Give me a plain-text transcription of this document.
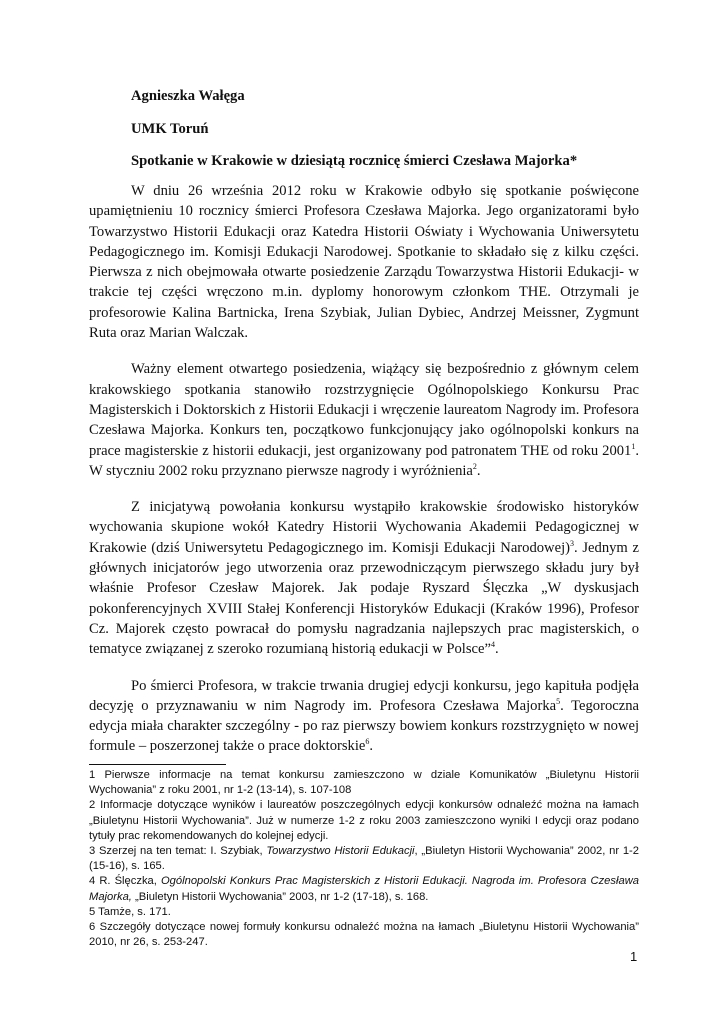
Agnieszka Wałęga
UMK Toruń
Spotkanie w Krakowie w dziesiątą rocznicę śmierci Czesława Majorka*

W dniu 26 września 2012 roku w Krakowie odbyło się spotkanie poświęcone upamiętnieniu 10 rocznicy śmierci Profesora Czesława Majorka. Jego organizatorami było Towarzystwo Historii Edukacji oraz Katedra Historii Oświaty i Wychowania Uniwersytetu Pedagogicznego im. Komisji Edukacji Narodowej. Spotkanie to składało się z kilku części. Pierwsza z nich obejmowała otwarte posiedzenie Zarządu Towarzystwa Historii Edukacji- w trakcie tej części wręczono m.in. dyplomy honorowym członkom THE. Otrzymali je profesorowie Kalina Bartnicka, Irena Szybiak, Julian Dybiec, Andrzej Meissner, Zygmunt Ruta oraz Marian Walczak.

Ważny element otwartego posiedzenia, wiążący się bezpośrednio z głównym celem krakowskiego spotkania stanowiło rozstrzygnięcie Ogólnopolskiego Konkursu Prac Magisterskich i Doktorskich z Historii Edukacji i wręczenie laureatom Nagrody im. Profesora Czesława Majorka. Konkurs ten, początkowo funkcjonujący jako ogólnopolski konkurs na prace magisterskie z historii edukacji, jest organizowany pod patronatem THE od roku 2001$^1$. W styczniu 2002 roku przyznano pierwsze nagrody i wyróżnienia$^2$.

Z inicjatywą powołania konkursu wystąpiło krakowskie środowisko historyków wychowania skupione wokół Katedry Historii Wychowania Akademii Pedagogicznej w Krakowie (dziś Uniwersytetu Pedagogicznego im. Komisji Edukacji Narodowej)$^3$. Jednym z głównych inicjatorów jego utworzenia oraz przewodniczącym pierwszego składu jury był właśnie Profesor Czesław Majorek. Jak podaje Ryszard Ślęczka „W dyskusjach pokonferencyjnych XVIII Stałej Konferencji Historyków Edukacji (Kraków 1996), Profesor Cz. Majorek często powracał do pomysłu nagradzania najlepszych prac magisterskich, o tematyce związanej z szeroko rozumianą historią edukacji w Polsce”$^4$.

Po śmierci Profesora, w trakcie trwania drugiej edycji konkursu, jego kapituła podjęła decyzję o przyznawaniu w nim Nagrody im. Profesora Czesława Majorka$^5$. Tegoroczna edycja miała charakter szczególny - po raz pierwszy bowiem konkurs rozstrzygnięto w nowej formule – poszerzonej także o prace doktorskie$^6$.

1 Pierwsze informacje na temat konkursu zamieszczono w dziale Komunikatów „Biuletynu Historii Wychowania” z roku 2001, nr 1-2 (13-14), s. 107-108

2 Informacje dotyczące wyników i laureatów poszczególnych edycji konkursów odnaleźć można na łamach „Biuletynu Historii Wychowania”. Już w numerze 1-2 z roku 2003 zamieszczono wyniki I edycji oraz podano tytuły prac rekomendowanych do kolejnej edycji.

3 Szerzej na ten temat: I. Szybiak, Towarzystwo Historii Edukacji, „Biuletyn Historii Wychowania” 2002, nr 1-2 (15-16), s. 165.

4 R. Ślęczka, Ogólnopolski Konkurs Prac Magisterskich z Historii Edukacji. Nagroda im. Profesora Czesława Majorka, „Biuletyn Historii Wychowania” 2003, nr 1-2 (17-18), s. 168.

5 Tamże, s. 171.

6 Szczegóły dotyczące nowej formuły konkursu odnaleźć można na łamach „Biuletynu Historii Wychowania” 2010, nr 26, s. 253-247.

1
